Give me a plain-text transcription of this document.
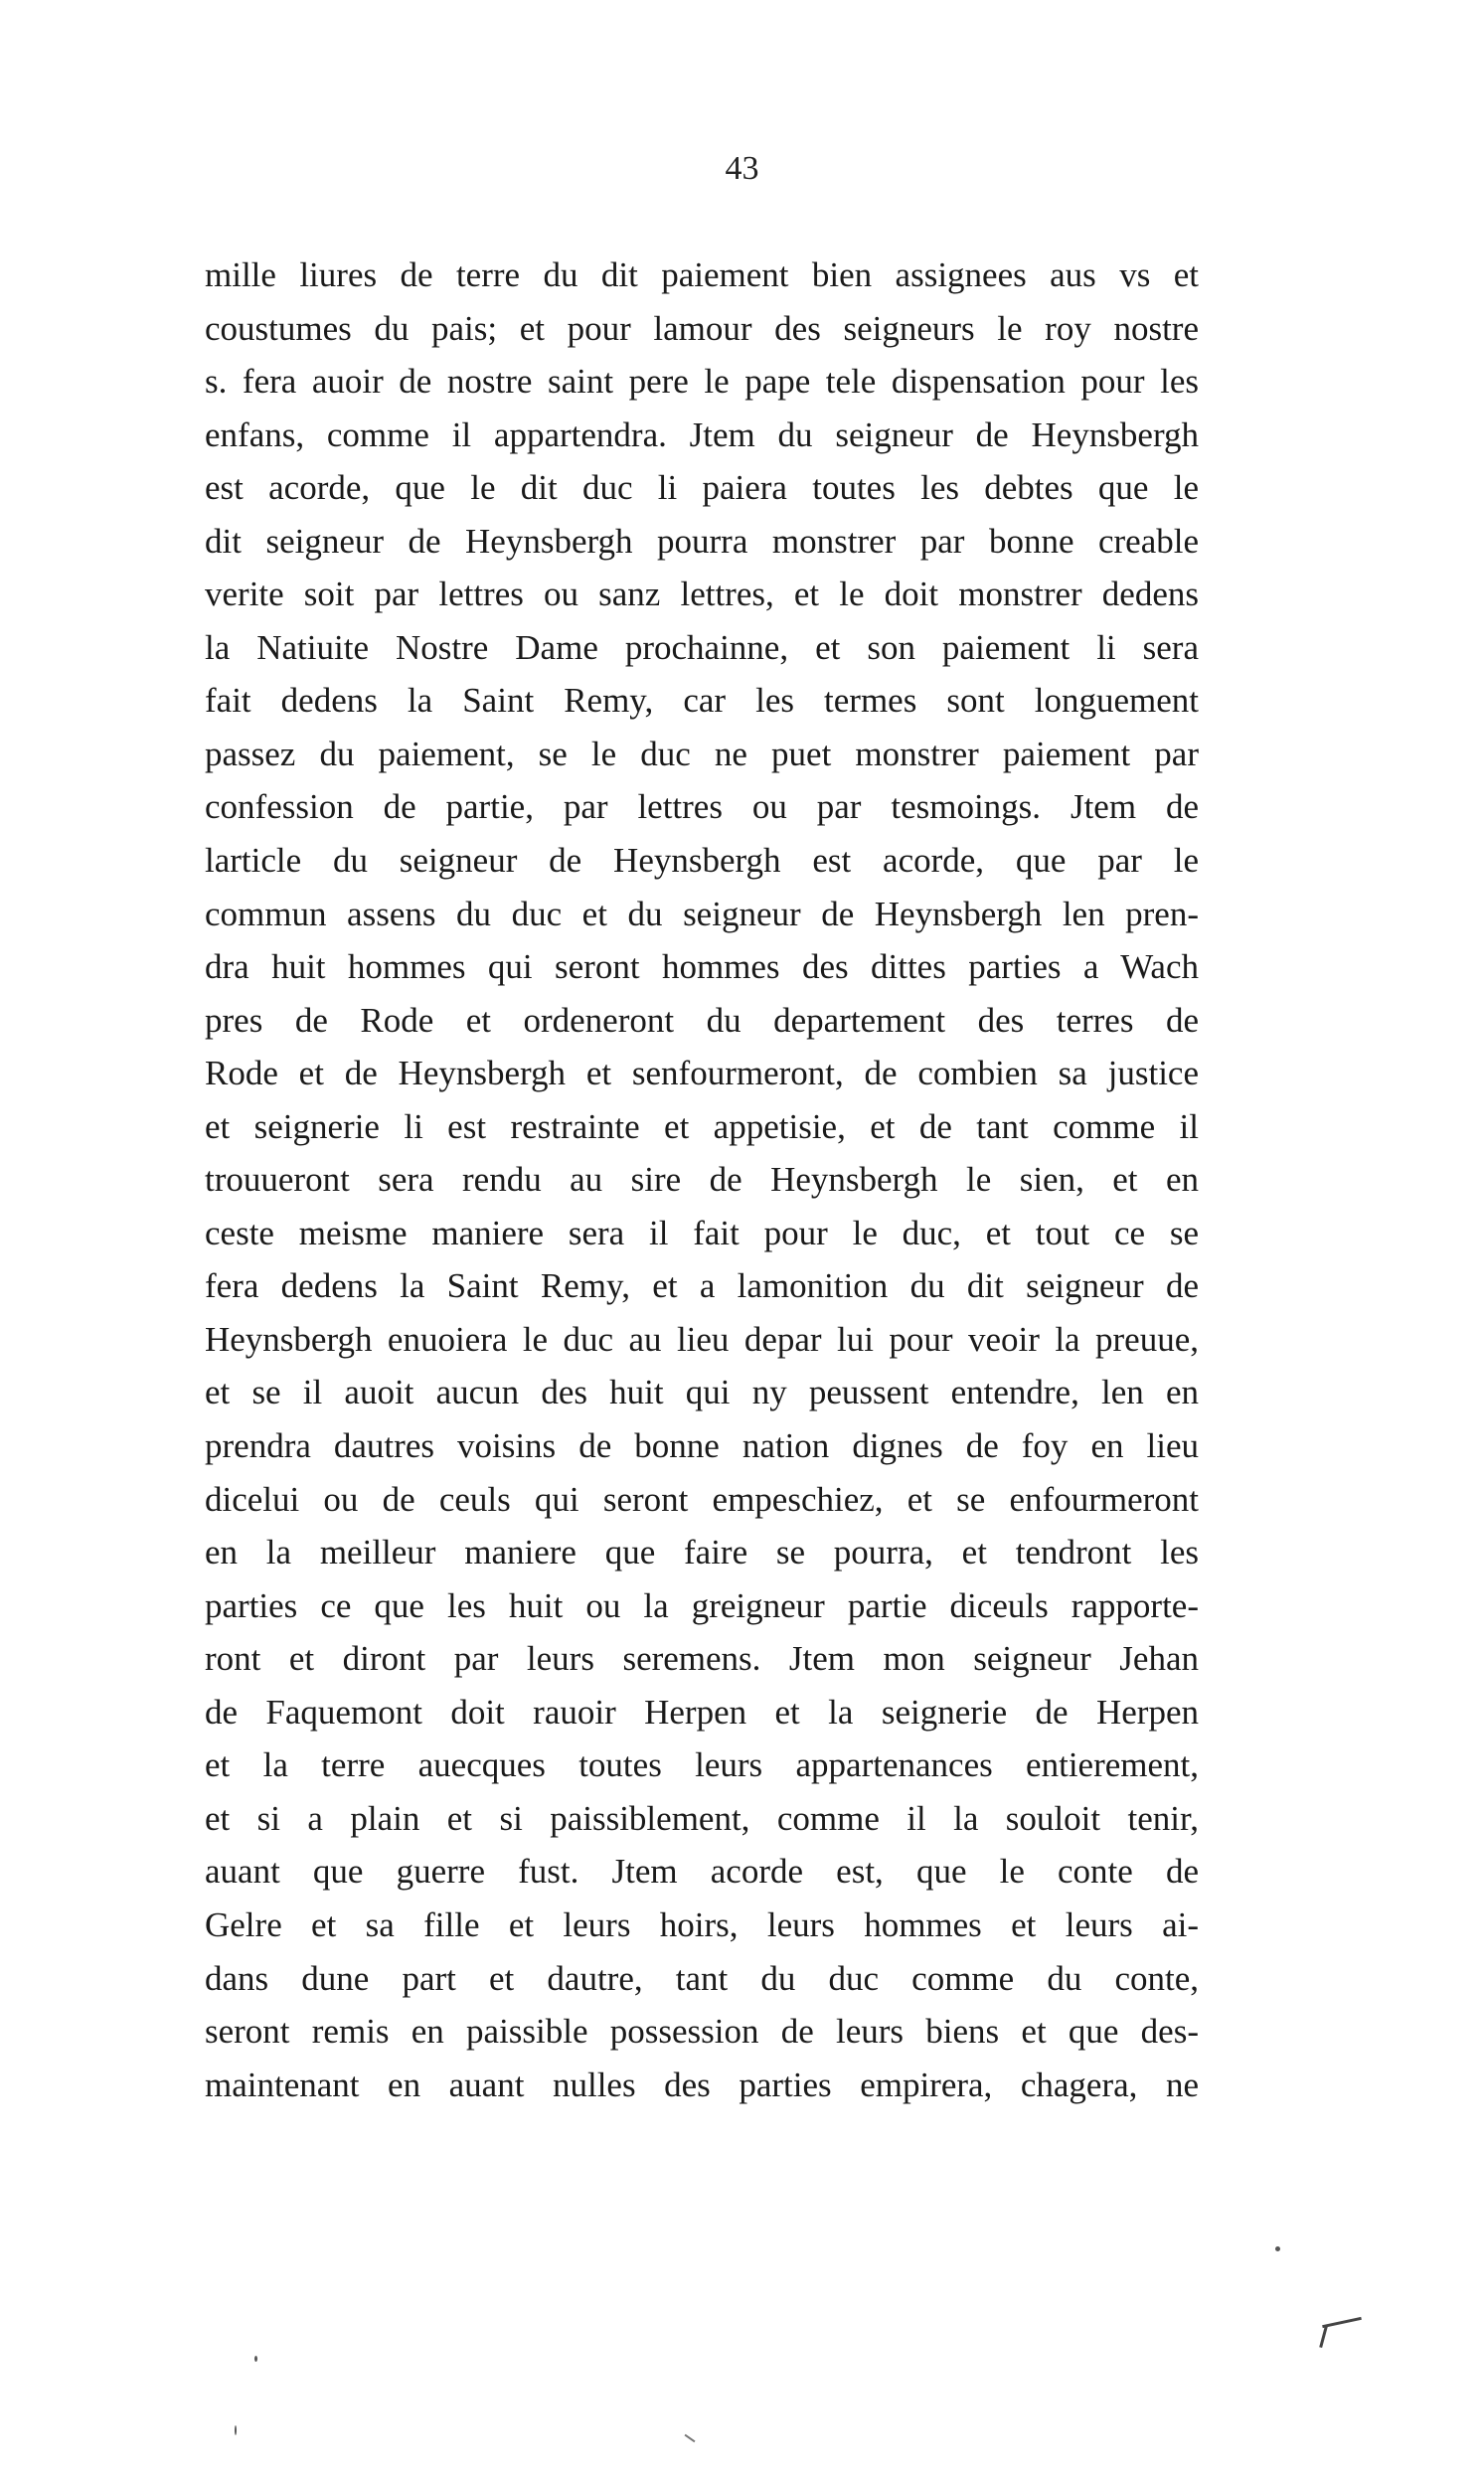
43
mille liures de terre du dit paiement bien assignees aus vs et
coustumes du pais; et pour lamour des seigneurs le roy nostre
s. fera auoir de nostre saint pere le pape tele dispensation pour les
enfans, comme il appartendra. Jtem du seigneur de Heynsbergh
est acorde, que le dit duc li paiera toutes les debtes que le
dit seigneur de Heynsbergh pourra monstrer par bonne creable
verite soit par lettres ou sanz lettres, et le doit monstrer dedens
la Natiuite Nostre Dame prochainne, et son paiement li sera
fait dedens la Saint Remy, car les termes sont longuement
passez du paiement, se le duc ne puet monstrer paiement par
confession de partie, par lettres ou par tesmoings. Jtem de
larticle du seigneur de Heynsbergh est acorde, que par le
commun assens du duc et du seigneur de Heynsbergh len pren-
dra huit hommes qui seront hommes des dittes parties a Wach
pres de Rode et ordeneront du departement des terres de
Rode et de Heynsbergh et senfourmeront, de combien sa justice
et seignerie li est restrainte et appetisie, et de tant comme il
trouueront sera rendu au sire de Heynsbergh le sien, et en
ceste meisme maniere sera il fait pour le duc, et tout ce se
fera dedens la Saint Remy, et a lamonition du dit seigneur de
Heynsbergh enuoiera le duc au lieu depar lui pour veoir la preuue,
et se il auoit aucun des huit qui ny peussent entendre, len en
prendra dautres voisins de bonne nation dignes de foy en lieu
dicelui ou de ceuls qui seront empeschiez, et se enfourmeront
en la meilleur maniere que faire se pourra, et tendront les
parties ce que les huit ou la greigneur partie diceuls rapporte-
ront et diront par leurs seremens. Jtem mon seigneur Jehan
de Faquemont doit rauoir Herpen et la seignerie de Herpen
et la terre auecques toutes leurs appartenances entierement,
et si a plain et si paissiblement, comme il la souloit tenir,
auant que guerre fust. Jtem acorde est, que le conte de
Gelre et sa fille et leurs hoirs, leurs hommes et leurs ai-
dans dune part et dautre, tant du duc comme du conte,
seront remis en paissible possession de leurs biens et que des-
maintenant en auant nulles des parties empirera, chagera, ne
